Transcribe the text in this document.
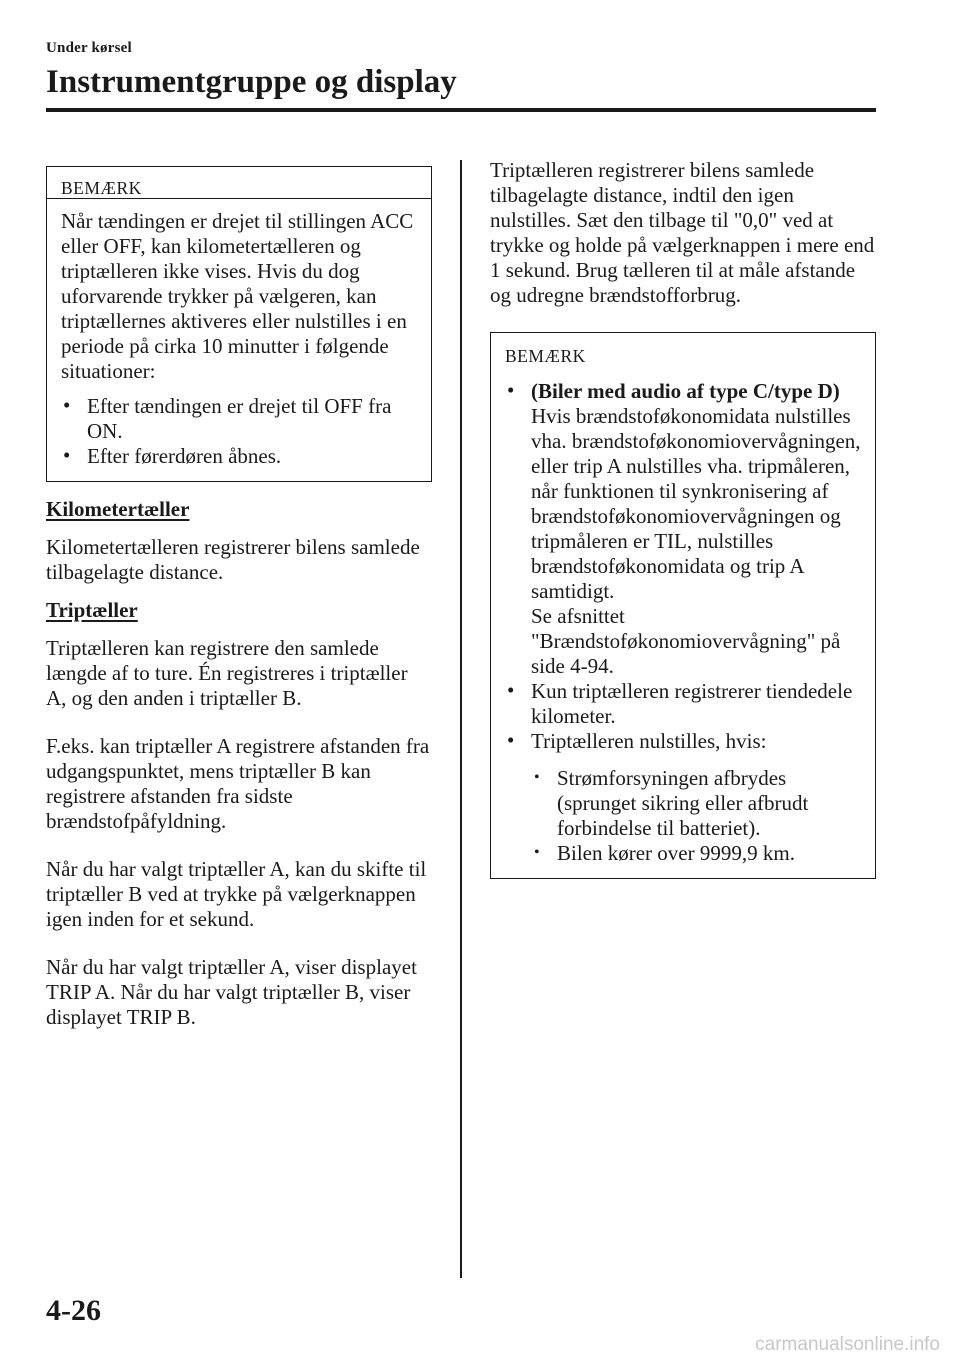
Under kørsel
Instrumentgruppe og display
BEMÆRK

Når tændingen er drejet til stillingen ACC eller OFF, kan kilometertælleren og triptælleren ikke vises. Hvis du dog uforvarende trykker på vælgeren, kan triptællernes aktiveres eller nulstilles i en periode på cirka 10 minutter i følgende situationer:

• Efter tændingen er drejet til OFF fra ON.
• Efter førerdøren åbnes.
Kilometertæller

Kilometertælleren registrerer bilens samlede tilbagelagte distance.

Triptæller

Triptælleren kan registrere den samlede længde af to ture. Én registreres i triptæller A, og den anden i triptæller B.

F.eks. kan triptæller A registrere afstanden fra udgangspunktet, mens triptæller B kan registrere afstanden fra sidste brændstofpåfyldning.

Når du har valgt triptæller A, kan du skifte til triptæller B ved at trykke på vælgerknappen igen inden for et sekund.

Når du har valgt triptæller A, viser displayet TRIP A. Når du har valgt triptæller B, viser displayet TRIP B.

Triptælleren registrerer bilens samlede tilbagelagte distance, indtil den igen nulstilles. Sæt den tilbage til "0,0" ved at trykke og holde på vælgerknappen i mere end 1 sekund. Brug tælleren til at måle afstande og udregne brændstofforbrug.

BEMÆRK
• (Biler med audio af type C/type D)
Hvis brændstoføkonomidata nulstilles vha. brændstoføkonomiovervågningen, eller trip A nulstilles vha. tripmåleren, når funktionen til synkronisering af brændstoføkonomiovervågningen og tripmåleren er TIL, nulstilles brændstoføkonomidata og trip A samtidigt.
Se afsnittet "Brændstoføkonomiovervågning" på side 4-94.
• Kun triptælleren registrerer tiendedele kilometer.
• Triptælleren nulstilles, hvis:
• Strømforsyningen afbrydes (sprunget sikring eller afbrudt forbindelse til batteriet).
• Bilen kører over 9999,9 km.
4-26
carmanualsonline.info
